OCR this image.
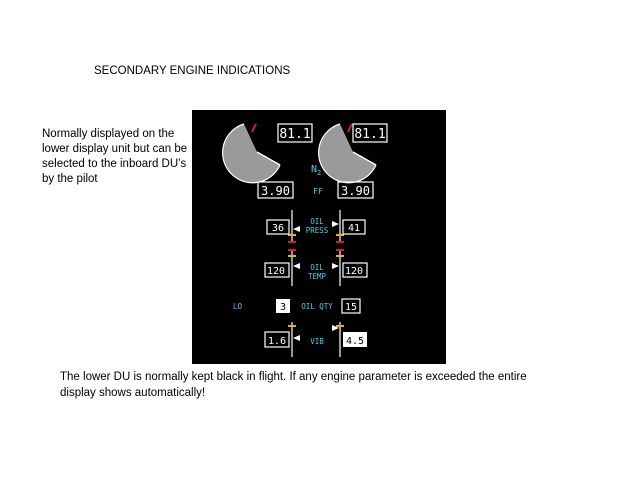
SECONDARY ENGINE INDICATIONS
Normally displayed on the lower display unit but can be selected to the inboard DU’s by the pilot
The lower DU is normally kept black in flight. If any engine parameter is exceeded the entire display shows automatically!
81.1	81.1
$N_2$
3.90	FF 3.90
36	41
OIL
PRESS
120	120
OIL
TEMP
LO	3 OIL QTY 15
1.6	4.5
VIB
